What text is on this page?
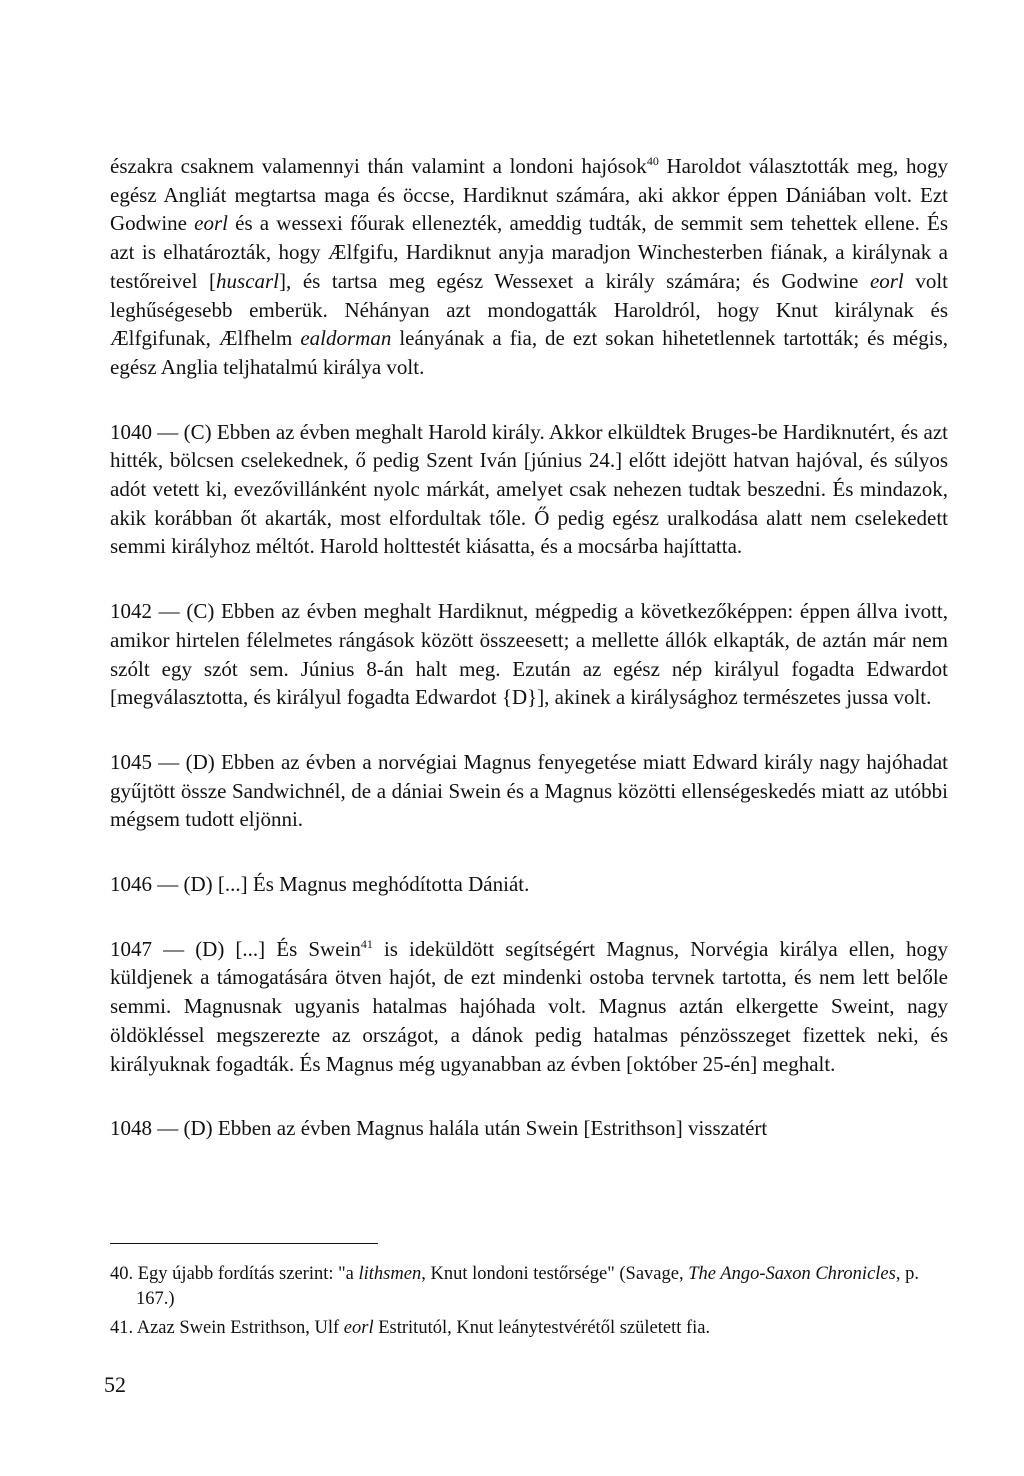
északra csaknem valamennyi thán valamint a londoni hajósok$^{40}$ Haroldot választották meg, hogy egész Angliát megtartsa maga és öccse, Hardiknut számára, aki akkor éppen Dániában volt. Ezt Godwine eorl és a wessexi főurak ellenezték, ameddig tudták, de semmit sem tehettek ellene. És azt is elhatározták, hogy Ælfgifu, Hardiknut anyja maradjon Winchesterben fiának, a királynak a testőreivel [huscarl], és tartsa meg egész Wessexet a király számára; és Godwine eorl volt leghűségesebb emberük. Néhányan azt mondogatták Haroldról, hogy Knut királynak és Ælfgifunak, Ælfhelm ealdorman leányának a fia, de ezt sokan hihetetlennek tartották; és mégis, egész Anglia teljhatalmú királya volt.

1040 — (C) Ebben az évben meghalt Harold király. Akkor elküldtek Bruges-be Hardiknutért, és azt hitték, bölcsen cselekednek, ő pedig Szent Iván [június 24.] előtt idejött hatvan hajóval, és súlyos adót vetett ki, evezővillánként nyolc márkát, amelyet csak nehezen tudtak beszedni. És mindazok, akik korábban őt akarták, most elfordultak tőle. Ő pedig egész uralkodása alatt nem cselekedett semmi királyhoz méltót. Harold holttestét kiásatta, és a mocsárba hajíttatta.

1042 — (C) Ebben az évben meghalt Hardiknut, mégpedig a következőképpen: éppen állva ivott, amikor hirtelen félelmetes rángások között összeesett; a mellette állók elkapták, de aztán már nem szólt egy szót sem. Június 8-án halt meg. Ezután az egész nép királyul fogadta Edwardot [megválasztotta, és királyul fogadta Edwardot {D}], akinek a királysághoz természetes jussa volt.

1045 — (D) Ebben az évben a norvégiai Magnus fenyegetése miatt Edward király nagy hajóhadat gyűjtött össze Sandwichnél, de a dániai Swein és a Magnus közötti ellenségeskedés miatt az utóbbi mégsem tudott eljönni.

1046 — (D) [...] És Magnus meghódította Dániát.

1047 — (D) [...] És Swein$^{41}$ is ideküldött segítségért Magnus, Norvégia királya ellen, hogy küldjenek a támogatására ötven hajót, de ezt mindenki ostoba tervnek tartotta, és nem lett belőle semmi. Magnusnak ugyanis hatalmas hajóhada volt. Magnus aztán elkergette Sweint, nagy öldökléssel megszerezte az országot, a dánok pedig hatalmas pénzösszeget fizettek neki, és királyuknak fogadták. És Magnus még ugyanabban az évben [október 25-én] meghalt.

1048 — (D) Ebben az évben Magnus halála után Swein [Estrithson] visszatért

40. Egy újabb fordítás szerint: "a lithsmen, Knut londoni testőrsége" (Savage, The Ango-Saxon Chronicles, p. 167.)

41. Azaz Swein Estrithson, Ulf eorl Estritutól, Knut leánytestvérétől született fia.

52
